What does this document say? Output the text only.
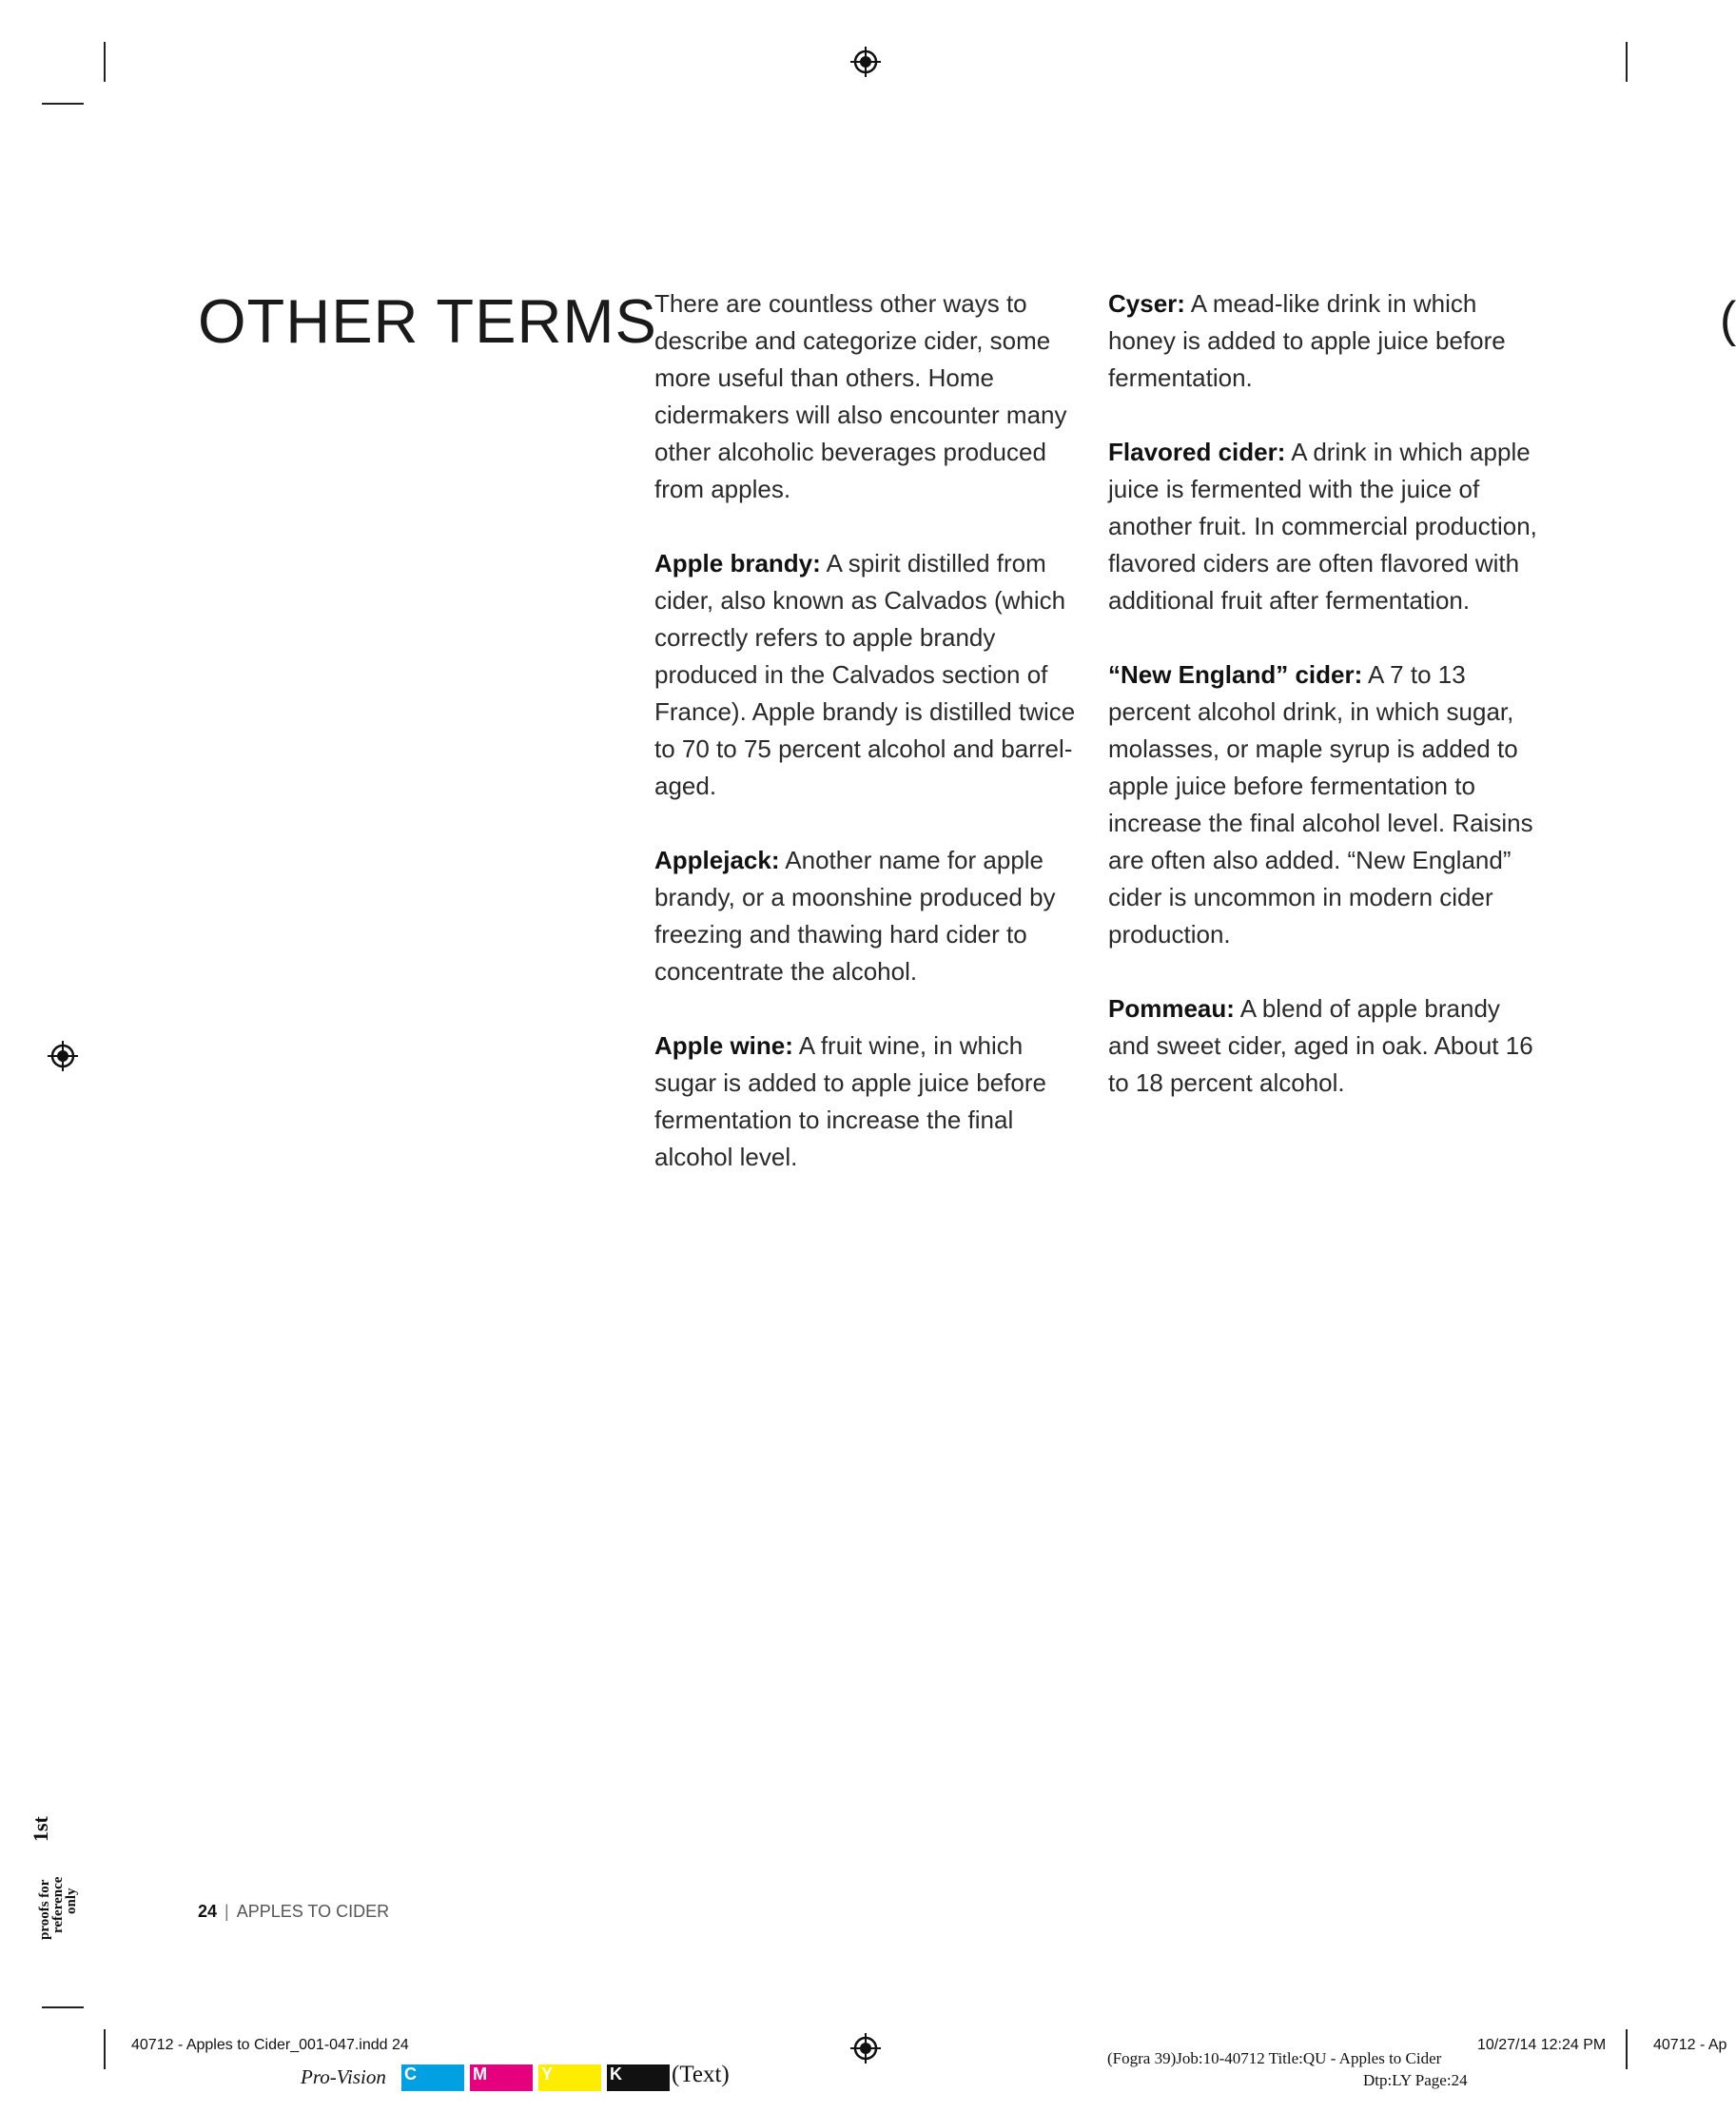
OTHER TERMS

There are countless other ways to describe and categorize cider, some more useful than others. Home cidermakers will also encounter many other alcoholic beverages produced from apples.

Apple brandy: A spirit distilled from cider, also known as Calvados (which correctly refers to apple brandy produced in the Calvados section of France). Apple brandy is distilled twice to 70 to 75 percent alcohol and barrel-aged.

Applejack: Another name for apple brandy, or a moonshine produced by freezing and thawing hard cider to concentrate the alcohol.

Apple wine: A fruit wine, in which sugar is added to apple juice before fermentation to increase the final alcohol level.

Cyser: A mead-like drink in which honey is added to apple juice before fermentation.

Flavored cider: A drink in which apple juice is fermented with the juice of another fruit. In commercial production, flavored ciders are often flavored with additional fruit after fermentation.

“New England” cider: A 7 to 13 percent alcohol drink, in which sugar, molasses, or maple syrup is added to apple juice before fermentation to increase the final alcohol level. Raisins are often also added. “New England” cider is uncommon in modern cider production.

Pommeau: A blend of apple brandy and sweet cider, aged in oak. About 16 to 18 percent alcohol.

(
24 | APPLES TO CIDER
1st
proofs for
reference
only
40712 - Apples to Cider_001-047.indd 24	10/27/14 12:24 PM	40712 - Ap
(Fogra 39)Job:10-40712 Title:QU - Apples to Cider
Dtp:LY Page:24
Pro-Vision C	M	Y	K	(Text)
